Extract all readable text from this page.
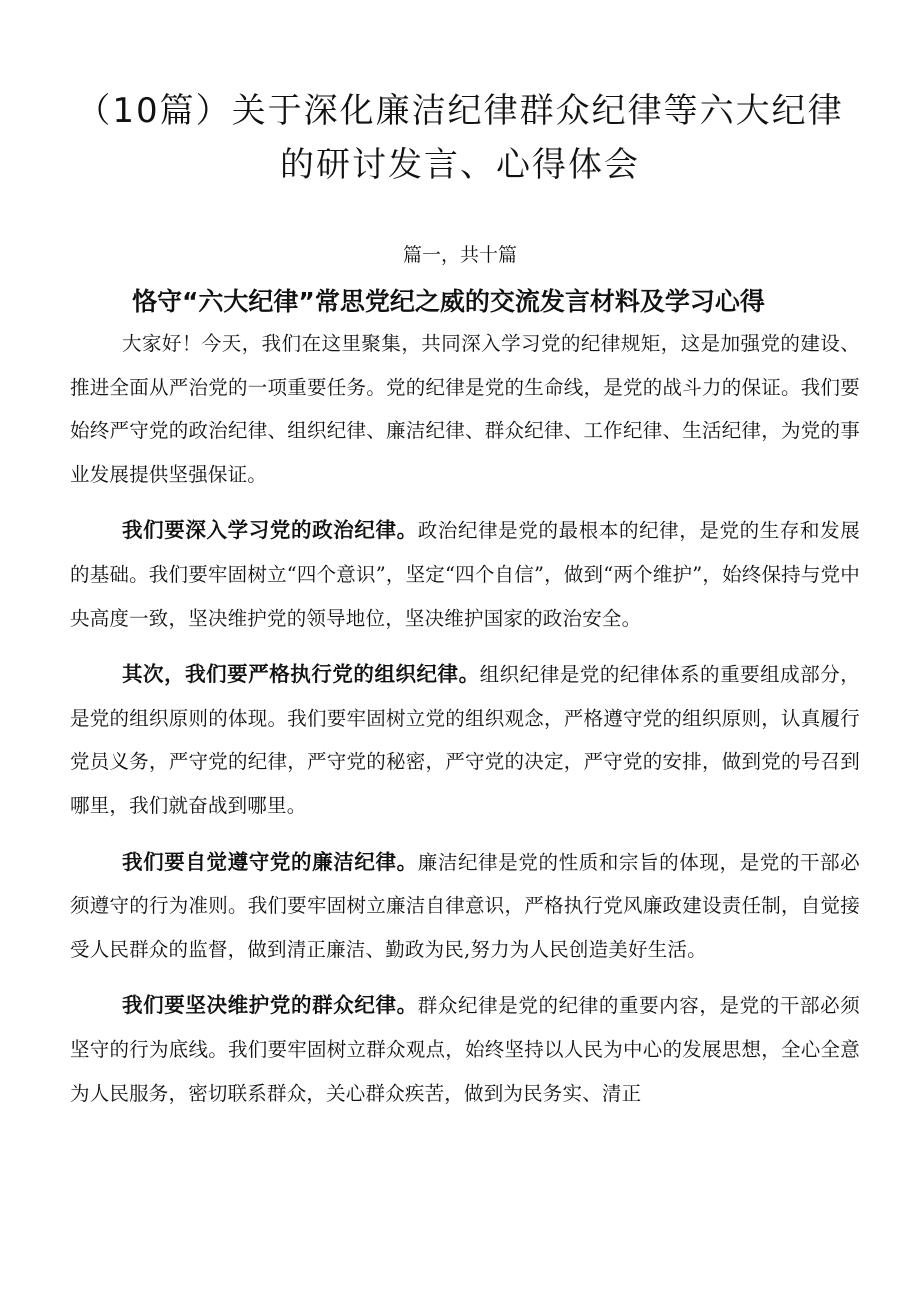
（10篇）关于深化廉洁纪律群众纪律等六大纪律的研讨发言、心得体会
篇一，共十篇
恪守“六大纪律”常思党纪之威的交流发言材料及学习心得

大家好！今天，我们在这里聚集，共同深入学习党的纪律规矩，这是加强党的建设、推进全面从严治党的一项重要任务。党的纪律是党的生命线，是党的战斗力的保证。我们要始终严守党的政治纪律、组织纪律、廉洁纪律、群众纪律、工作纪律、生活纪律，为党的事业发展提供坚强保证。

我们要深入学习党的政治纪律。政治纪律是党的最根本的纪律，是党的生存和发展的基础。我们要牢固树立“四个意识”，坚定“四个自信”，做到“两个维护”，始终保持与党中央高度一致，坚决维护党的领导地位，坚决维护国家的政治安全。

其次，我们要严格执行党的组织纪律。组织纪律是党的纪律体系的重要组成部分，是党的组织原则的体现。我们要牢固树立党的组织观念，严格遵守党的组织原则，认真履行党员义务，严守党的纪律，严守党的秘密，严守党的决定，严守党的安排，做到党的号召到哪里，我们就奋战到哪里。

我们要自觉遵守党的廉洁纪律。廉洁纪律是党的性质和宗旨的体现，是党的干部必须遵守的行为准则。我们要牢固树立廉洁自律意识，严格执行党风廉政建设责任制，自觉接受人民群众的监督，做到清正廉洁、勤政为民,努力为人民创造美好生活。

我们要坚决维护党的群众纪律。群众纪律是党的纪律的重要内容，是党的干部必须坚守的行为底线。我们要牢固树立群众观点，始终坚持以人民为中心的发展思想，全心全意为人民服务，密切联系群众，关心群众疾苦，做到为民务实、清正
